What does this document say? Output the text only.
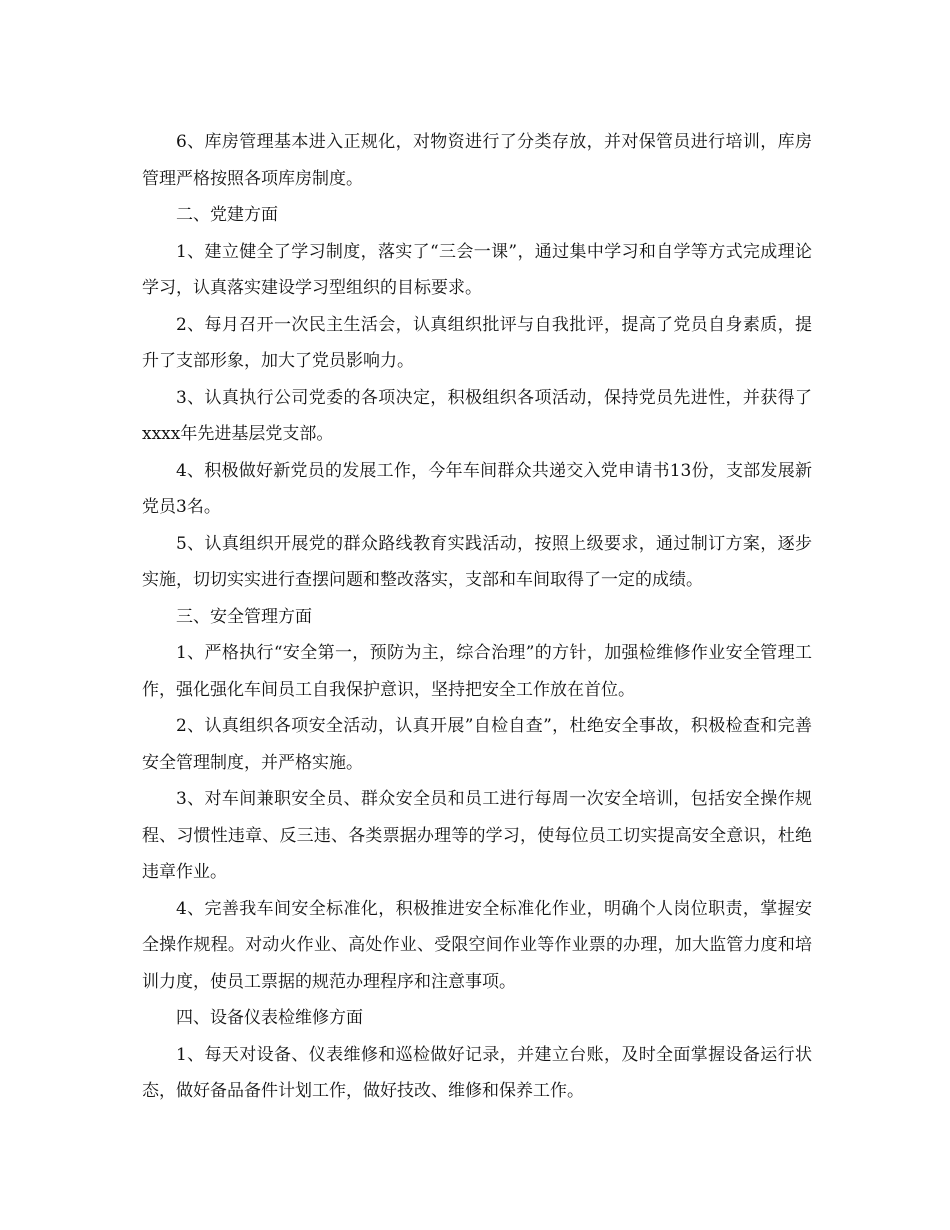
6、库房管理基本进入正规化，对物资进行了分类存放，并对保管员进行培训，库房管理严格按照各项库房制度。

二、党建方面

1、建立健全了学习制度，落实了“三会一课”，通过集中学习和自学等方式完成理论学习，认真落实建设学习型组织的目标要求。

2、每月召开一次民主生活会，认真组织批评与自我批评，提高了党员自身素质，提升了支部形象，加大了党员影响力。

3、认真执行公司党委的各项决定，积极组织各项活动，保持党员先进性，并获得了xxxx年先进基层党支部。

4、积极做好新党员的发展工作，今年车间群众共递交入党申请书13份，支部发展新党员3名。

5、认真组织开展党的群众路线教育实践活动，按照上级要求，通过制订方案，逐步实施，切切实实进行查摆问题和整改落实，支部和车间取得了一定的成绩。

三、安全管理方面

1、严格执行“安全第一，预防为主，综合治理”的方针，加强检维修作业安全管理工作，强化强化车间员工自我保护意识，坚持把安全工作放在首位。

2、认真组织各项安全活动，认真开展”自检自查”，杜绝安全事故，积极检查和完善安全管理制度，并严格实施。

3、对车间兼职安全员、群众安全员和员工进行每周一次安全培训，包括安全操作规程、习惯性违章、反三违、各类票据办理等的学习，使每位员工切实提高安全意识，杜绝违章作业。

4、完善我车间安全标准化，积极推进安全标准化作业，明确个人岗位职责，掌握安全操作规程。对动火作业、高处作业、受限空间作业等作业票的办理，加大监管力度和培训力度，使员工票据的规范办理程序和注意事项。

四、设备仪表检维修方面

1、每天对设备、仪表维修和巡检做好记录，并建立台账，及时全面掌握设备运行状态，做好备品备件计划工作，做好技改、维修和保养工作。
